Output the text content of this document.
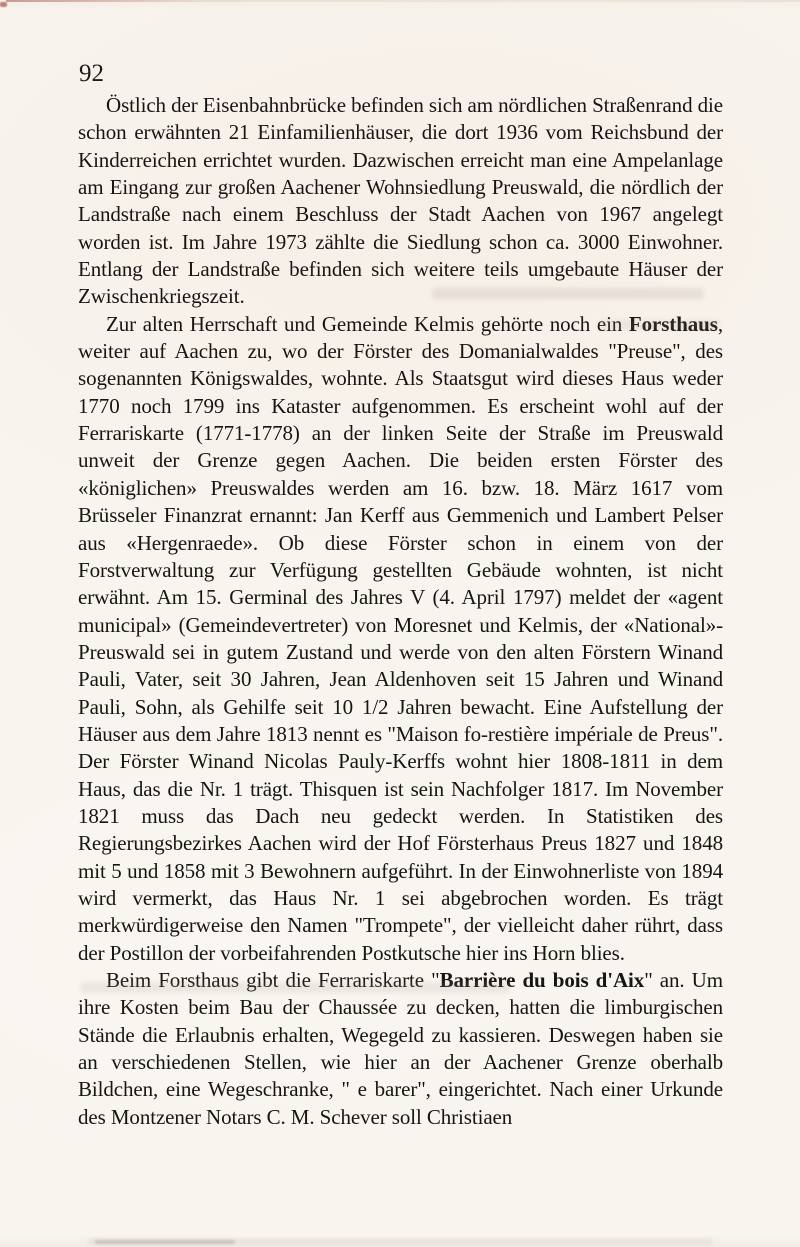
92

Östlich der Eisenbahnbrücke befinden sich am nördlichen Straßenrand die schon erwähnten 21 Einfamilienhäuser, die dort 1936 vom Reichsbund der Kinderreichen errichtet wurden. Dazwischen erreicht man eine Ampelanlage am Eingang zur großen Aachener Wohnsiedlung Preuswald, die nördlich der Landstraße nach einem Beschluss der Stadt Aachen von 1967 angelegt worden ist. Im Jahre 1973 zählte die Siedlung schon ca. 3000 Einwohner. Entlang der Landstraße befinden sich weitere teils umgebaute Häuser der Zwischenkriegszeit.

Zur alten Herrschaft und Gemeinde Kelmis gehörte noch ein Forsthaus, weiter auf Aachen zu, wo der Förster des Domanialwaldes "Preuse", des sogenannten Königswaldes, wohnte. Als Staatsgut wird dieses Haus weder 1770 noch 1799 ins Kataster aufgenommen. Es erscheint wohl auf der Ferrariskarte (1771-1778) an der linken Seite der Straße im Preuswald unweit der Grenze gegen Aachen. Die beiden ersten Förster des «königlichen» Preuswaldes werden am 16. bzw. 18. März 1617 vom Brüsseler Finanzrat ernannt: Jan Kerff aus Gemmenich und Lambert Pelser aus «Hergenraede». Ob diese Förster schon in einem von der Forstverwaltung zur Verfügung gestellten Gebäude wohnten, ist nicht erwähnt. Am 15. Germinal des Jahres V (4. April 1797) meldet der «agent municipal» (Gemeindevertreter) von Moresnet und Kelmis, der «National»-Preuswald sei in gutem Zustand und werde von den alten Förstern Winand Pauli, Vater, seit 30 Jahren, Jean Aldenhoven seit 15 Jahren und Winand Pauli, Sohn, als Gehilfe seit 10 1/2 Jahren bewacht. Eine Aufstellung der Häuser aus dem Jahre 1813 nennt es "Maison fo-restière impériale de Preus". Der Förster Winand Nicolas Pauly-Kerffs wohnt hier 1808-1811 in dem Haus, das die Nr. 1 trägt. Thisquen ist sein Nachfolger 1817. Im November 1821 muss das Dach neu gedeckt werden. In Statistiken des Regierungsbezirkes Aachen wird der Hof Försterhaus Preus 1827 und 1848 mit 5 und 1858 mit 3 Bewohnern aufgeführt. In der Einwohnerliste von 1894 wird vermerkt, das Haus Nr. 1 sei abgebrochen worden. Es trägt merkwürdigerweise den Namen "Trompete", der vielleicht daher rührt, dass der Postillon der vorbeifahrenden Postkutsche hier ins Horn blies.

Beim Forsthaus gibt die Ferrariskarte "Barrière du bois d'Aix" an. Um ihre Kosten beim Bau der Chaussée zu decken, hatten die limburgischen Stände die Erlaubnis erhalten, Wegegeld zu kassieren. Deswegen haben sie an verschiedenen Stellen, wie hier an der Aachener Grenze oberhalb Bildchen, eine Wegeschranke, " e barer", eingerichtet. Nach einer Urkunde des Montzener Notars C. M. Schever soll Christiaen
